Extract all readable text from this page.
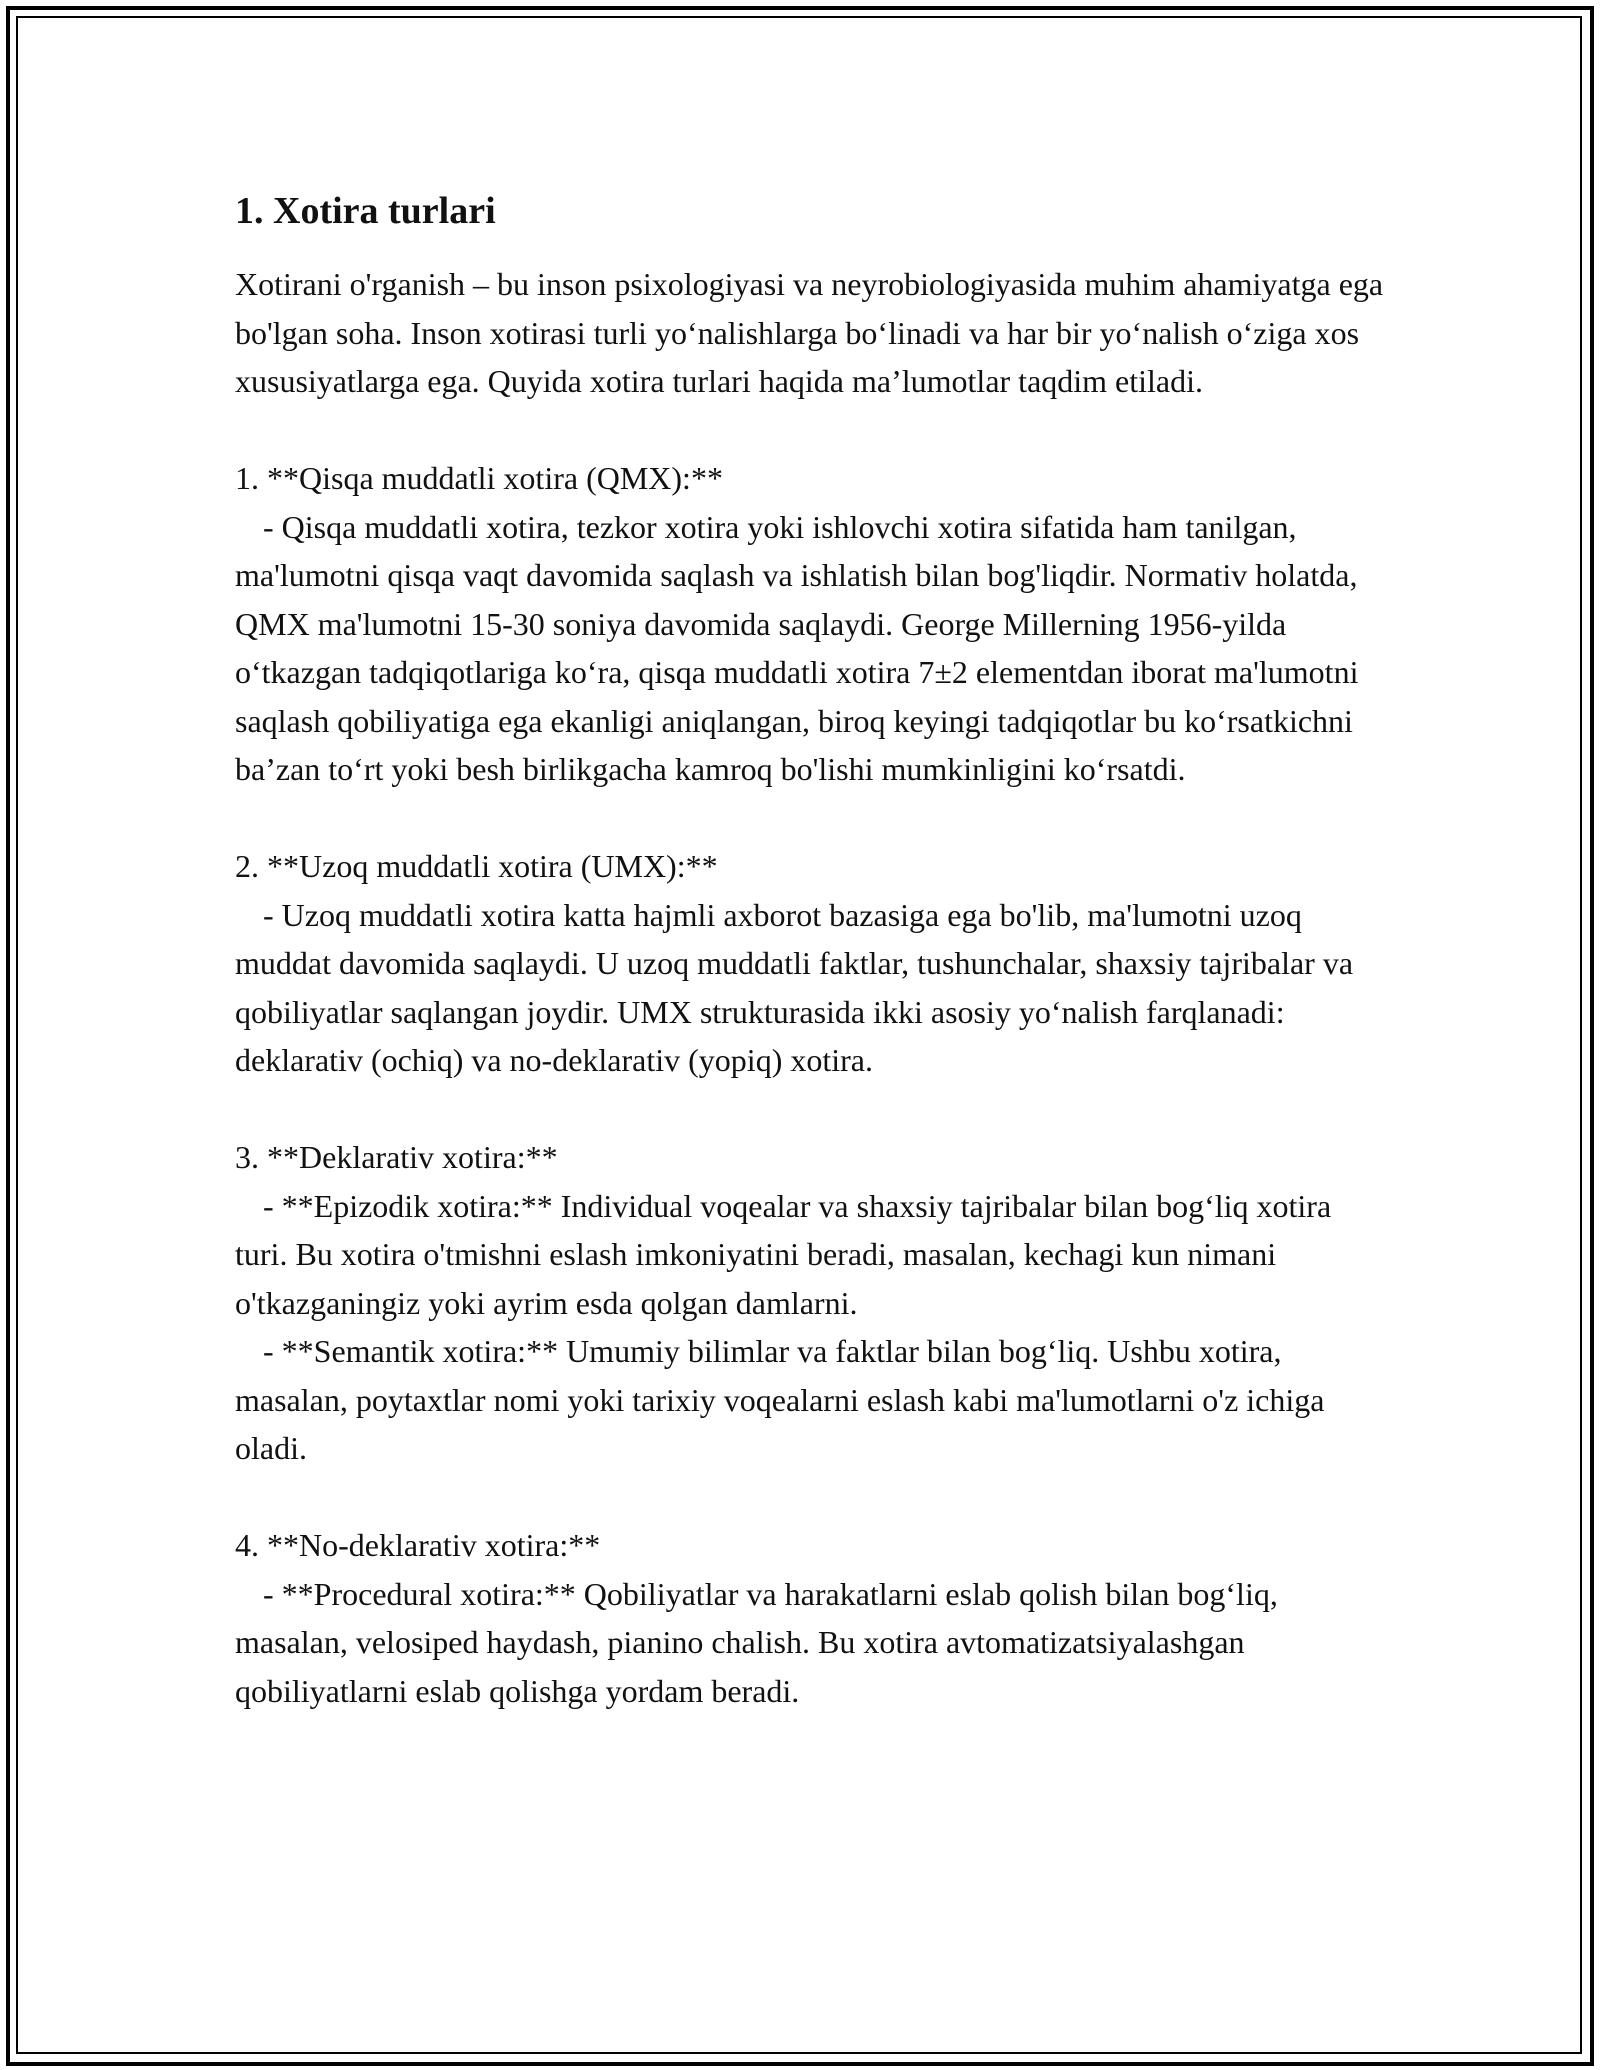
1. Xotira turlari

Xotirani o'rganish – bu inson psixologiyasi va neyrobiologiyasida muhim ahamiyatga ega bo'lgan soha. Inson xotirasi turli yo‘nalishlarga bo‘linadi va har bir yo‘nalish o‘ziga xos xususiyatlarga ega. Quyida xotira turlari haqida ma’lumotlar taqdim etiladi.

1. **Qisqa muddatli xotira (QMX):**

- Qisqa muddatli xotira, tezkor xotira yoki ishlovchi xotira sifatida ham tanilgan, ma'lumotni qisqa vaqt davomida saqlash va ishlatish bilan bog'liqdir. Normativ holatda, QMX ma'lumotni 15-30 soniya davomida saqlaydi. George Millerning 1956-yilda o‘tkazgan tadqiqotlariga ko‘ra, qisqa muddatli xotira 7±2 elementdan iborat ma'lumotni saqlash qobiliyatiga ega ekanligi aniqlangan, biroq keyingi tadqiqotlar bu ko‘rsatkichni ba’zan to‘rt yoki besh birlikgacha kamroq bo'lishi mumkinligini ko‘rsatdi.

2. **Uzoq muddatli xotira (UMX):**

- Uzoq muddatli xotira katta hajmli axborot bazasiga ega bo'lib, ma'lumotni uzoq muddat davomida saqlaydi. U uzoq muddatli faktlar, tushunchalar, shaxsiy tajribalar va qobiliyatlar saqlangan joydir. UMX strukturasida ikki asosiy yo‘nalish farqlanadi: deklarativ (ochiq) va no-deklarativ (yopiq) xotira.

3. **Deklarativ xotira:**

- **Epizodik xotira:** Individual voqealar va shaxsiy tajribalar bilan bog‘liq xotira turi. Bu xotira o'tmishni eslash imkoniyatini beradi, masalan, kechagi kun nimani o'tkazganingiz yoki ayrim esda qolgan damlarni.

- **Semantik xotira:** Umumiy bilimlar va faktlar bilan bog‘liq. Ushbu xotira, masalan, poytaxtlar nomi yoki tarixiy voqealarni eslash kabi ma'lumotlarni o'z ichiga oladi.

4. **No-deklarativ xotira:**

- **Procedural xotira:** Qobiliyatlar va harakatlarni eslab qolish bilan bog‘liq, masalan, velosiped haydash, pianino chalish. Bu xotira avtomatizatsiyalashgan qobiliyatlarni eslab qolishga yordam beradi.
